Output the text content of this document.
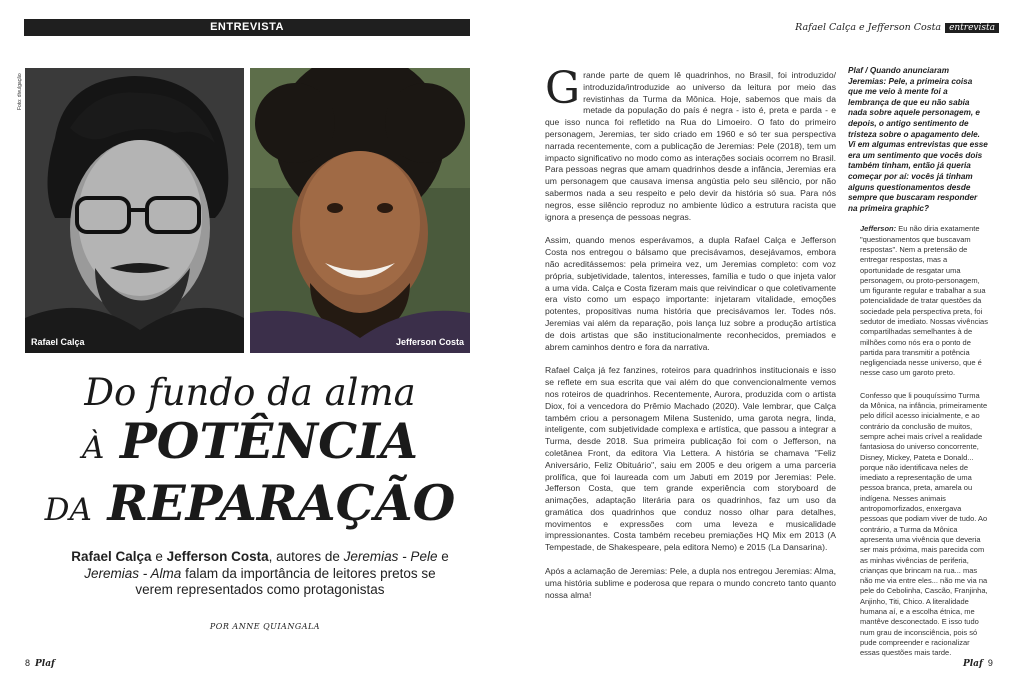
ENTREVISTA
Foto: divulgação
Rafael Calça	Jefferson Costa
Do fundo da alma
À POTÊNCIA
DA REPARAÇÃO
Rafael Calça e Jefferson Costa, autores de Jeremias - Pele e Jeremias - Alma falam da importância de leitores pretos se verem representados como protagonistas
POR ANNE QUIANGALA
8 Plaf
Rafael Calça e Jefferson Costa entrevista

Grande parte de quem lê quadrinhos, no Brasil, foi introduzido/ introduzida/introduzide ao universo da leitura por meio das revistinhas da Turma da Mônica. Hoje, sabemos que mais da metade da população do país é negra - isto é, preta e parda - e que isso nunca foi refletido na Rua do Limoeiro. O fato do primeiro personagem, Jeremias, ter sido criado em 1960 e só ter sua perspectiva narrada recentemente, com a publicação de Jeremias: Pele (2018), tem um impacto significativo no modo como as interações sociais ocorrem no Brasil. Para pessoas negras que amam quadrinhos desde a infância, Jeremias era um personagem que causava imensa angústia pelo seu silêncio, por não sabermos nada a seu respeito e pelo devir da história só sua. Para nós negros, esse silêncio reproduz no ambiente lúdico a estrutura racista que ignora a presença de pessoas negras.

Assim, quando menos esperávamos, a dupla Rafael Calça e Jefferson Costa nos entregou o bálsamo que precisávamos, desejávamos, embora não acreditássemos: pela primeira vez, um Jeremias completo: com voz própria, subjetividade, talentos, interesses, família e tudo o que injeta valor a uma vida. Calça e Costa fizeram mais que reivindicar o que coletivamente era visto como um espaço importante: injetaram vitalidade, emoções potentes, propositivas numa história que precisávamos ler. Todes nós. Jeremias vai além da reparação, pois lança luz sobre a produção artística de dois artistas que são institucionalmente reconhecidos, premiados e abrem caminhos dentro e fora da narrativa.

Rafael Calça já fez fanzines, roteiros para quadrinhos institucionais e isso se reflete em sua escrita que vai além do que convencionalmente vemos nos roteiros de quadrinhos. Recentemente, Aurora, produzida com o artista Diox, foi a vencedora do Prêmio Machado (2020). Vale lembrar, que Calça também criou a personagem Milena Sustenido, uma garota negra, linda, inteligente, com subjetividade complexa e artística, que passou a integrar a Turma, desde 2018. Sua primeira publicação foi com o Jefferson, na coletânea Front, da editora Via Lettera. A história se chamava "Feliz Aniversário, Feliz Obituário", saiu em 2005 e deu origem a uma parceria prolífica, que foi laureada com um Jabuti em 2019 por Jeremias: Pele. Jefferson Costa, que tem grande experiência com storyboard de animações, adaptação literária para os quadrinhos, faz um uso da gramática dos quadrinhos que conduz nosso olhar para detalhes, movimentos e expressões com uma leveza e musicalidade impressionantes. Costa também recebeu premiações HQ Mix em 2013 (A Tempestade, de Shakespeare, pela editora Nemo) e 2015 (La Dansarina).

Após a aclamação de Jeremias: Pele, a dupla nos entregou Jeremias: Alma, uma história sublime e poderosa que repara o mundo concreto tanto quanto nossa alma!

Plaf / Quando anunciaram Jeremias: Pele, a primeira coisa que me veio à mente foi a lembrança de que eu não sabia nada sobre aquele personagem, e depois, o antigo sentimento de tristeza sobre o apagamento dele. Vi em algumas entrevistas que esse era um sentimento que vocês dois também tinham, então já queria começar por aí: vocês já tinham alguns questionamentos desde sempre que buscaram responder na primeira graphic?

Jefferson: Eu não diria exatamente "questionamentos que buscavam respostas". Nem a pretensão de entregar respostas, mas a oportunidade de resgatar uma personagem, ou proto-personagem, um figurante regular e trabalhar a sua potencialidade de tratar questões da sociedade pela perspectiva preta, foi sedutor de imediato. Nossas vivências compartilhadas semelhantes à de milhões como nós era o ponto de partida para transmitir a potência negligenciada nesse universo, que é nesse caso um garoto preto.

Confesso que li pouquíssimo Turma da Mônica, na infância, primeiramente pelo difícil acesso inicialmente, e ao contrário da conclusão de muitos, sempre achei mais crível a realidade fantasiosa do universo concorrente, Disney, Mickey, Pateta e Donald... porque não identificava neles de imediato a representação de uma pessoa branca, preta, amarela ou indígena. Nesses animais antropomorfizados, enxergava pessoas que podiam viver de tudo. Ao contrário, a Turma da Mônica apresenta uma vivência que deveria ser mais próxima, mais parecida com as minhas vivências de periferia, crianças que brincam na rua... mas não me via entre eles... não me via na pele do Cebolinha, Cascão, Franjinha, Anjinho, Titi, Chico. A literalidade humana aí, e a escolha étnica, me mantêve desconectado. E isso tudo num grau de inconsciência, pois só pude compreender e racionalizar essas questões mais tarde.

Plaf 9
